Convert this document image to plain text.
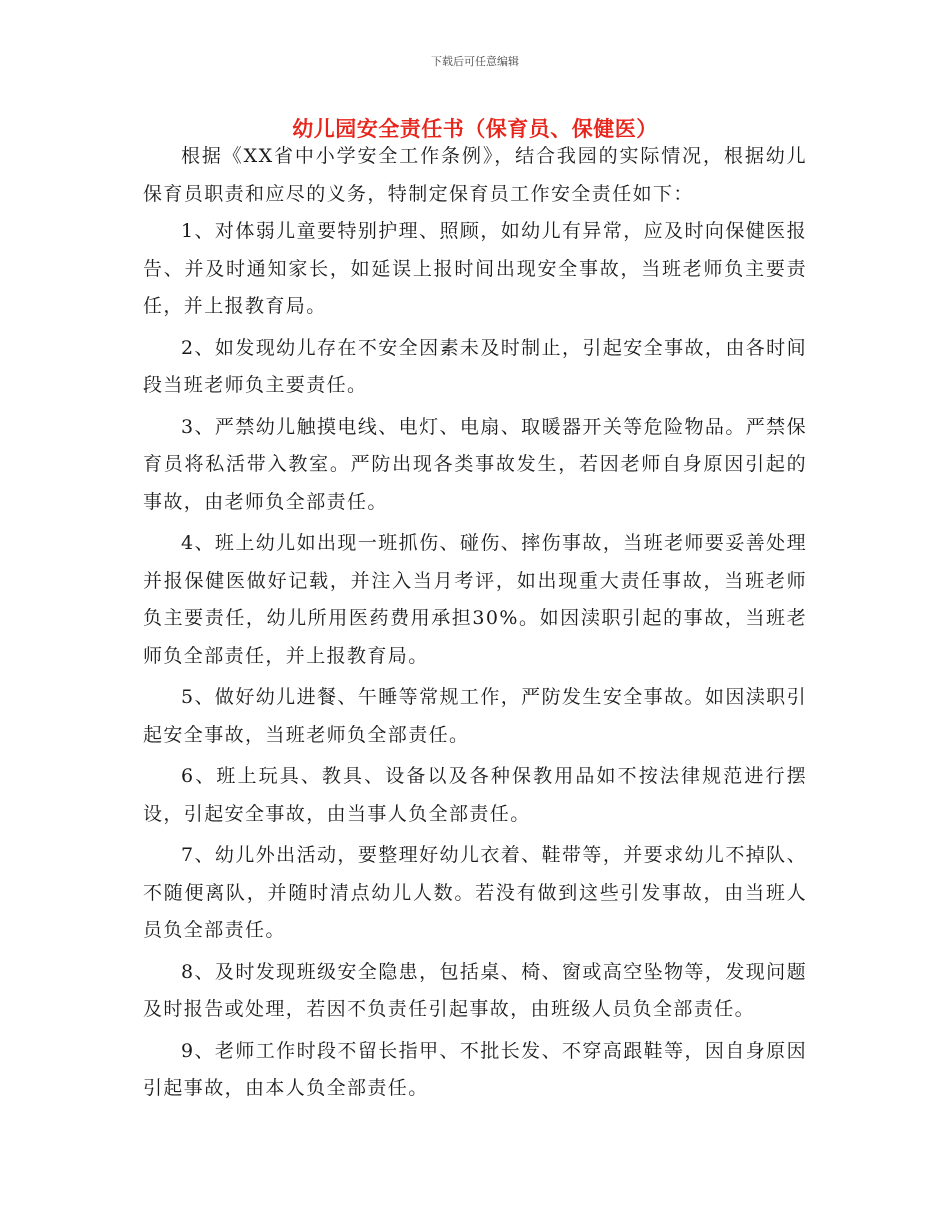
下载后可任意编辑
幼儿园安全责任书（保育员、保健医）

根据《XX省中小学安全工作条例》，结合我园的实际情况，根据幼儿保育员职责和应尽的义务，特制定保育员工作安全责任如下：

1、对体弱儿童要特别护理、照顾，如幼儿有异常，应及时向保健医报告、并及时通知家长，如延误上报时间出现安全事故，当班老师负主要责任，并上报教育局。

2、如发现幼儿存在不安全因素未及时制止，引起安全事故，由各时间段当班老师负主要责任。

3、严禁幼儿触摸电线、电灯、电扇、取暖器开关等危险物品。严禁保育员将私活带入教室。严防出现各类事故发生，若因老师自身原因引起的事故，由老师负全部责任。

4、班上幼儿如出现一班抓伤、碰伤、摔伤事故，当班老师要妥善处理并报保健医做好记载，并注入当月考评，如出现重大责任事故，当班老师负主要责任，幼儿所用医药费用承担30%。如因渎职引起的事故，当班老师负全部责任，并上报教育局。

5、做好幼儿进餐、午睡等常规工作，严防发生安全事故。如因渎职引起安全事故，当班老师负全部责任。

6、班上玩具、教具、设备以及各种保教用品如不按法律规范进行摆设，引起安全事故，由当事人负全部责任。

7、幼儿外出活动，要整理好幼儿衣着、鞋带等，并要求幼儿不掉队、不随便离队，并随时清点幼儿人数。若没有做到这些引发事故，由当班人员负全部责任。

8、及时发现班级安全隐患，包括桌、椅、窗或高空坠物等，发现问题及时报告或处理，若因不负责任引起事故，由班级人员负全部责任。

9、老师工作时段不留长指甲、不批长发、不穿高跟鞋等，因自身原因引起事故，由本人负全部责任。
